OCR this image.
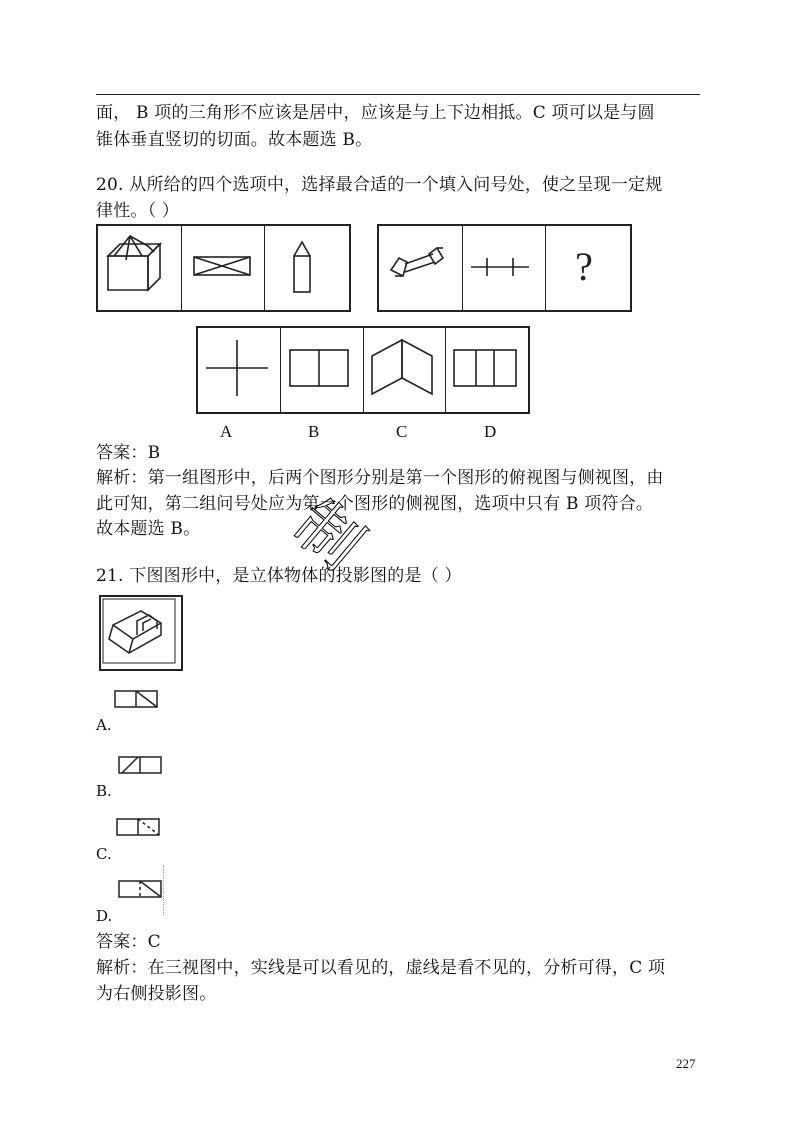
面， B 项的三角形不应该是居中，应该是与上下边相抵。C 项可以是与圆
锥体垂直竖切的切面。故本题选 B。
20. 从所给的四个选项中，选择最合适的一个填入问号处，使之呈现一定规
律性。（ ）
?
A	B	C	D
答案：B
解析：第一组图形中，后两个图形分别是第一个图形的俯视图与侧视图，由
此可知，第二组问号处应为第一个图形的侧视图，选项中只有 B 项符合。
故本题选 B。
21. 下图图形中，是立体物体的投影图的是（ ）
A.
B.
C.
D.
答案：C
解析：在三视图中，实线是可以看见的，虚线是看不见的，分析可得，C 项
为右侧投影图。
制
227
